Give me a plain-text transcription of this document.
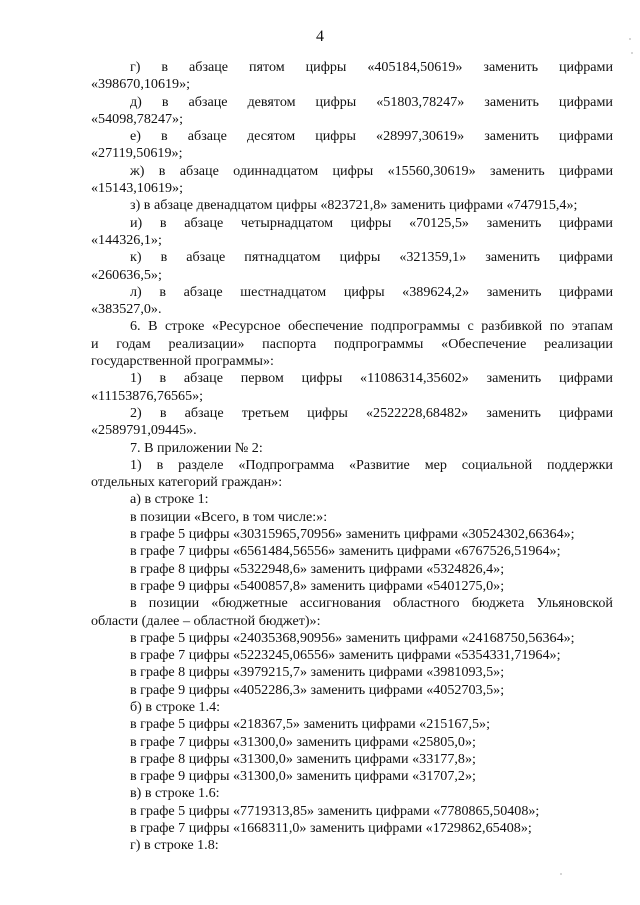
4
г) в абзаце пятом цифры «405184,50619» заменить цифрами
«398670,10619»;
д) в абзаце девятом цифры «51803,78247» заменить цифрами
«54098,78247»;
е) в абзаце десятом цифры «28997,30619» заменить цифрами
«27119,50619»;
ж) в абзаце одиннадцатом цифры «15560,30619» заменить цифрами
«15143,10619»;
з) в абзаце двенадцатом цифры «823721,8» заменить цифрами «747915,4»;
и) в абзаце четырнадцатом цифры «70125,5» заменить цифрами
«144326,1»;
к) в абзаце пятнадцатом цифры «321359,1» заменить цифрами
«260636,5»;
л) в абзаце шестнадцатом цифры «389624,2» заменить цифрами
«383527,0».
6. В строке «Ресурсное обеспечение подпрограммы с разбивкой по этапам
и годам реализации» паспорта подпрограммы «Обеспечение реализации
государственной программы»:
1) в абзаце первом цифры «11086314,35602» заменить цифрами
«11153876,76565»;
2) в абзаце третьем цифры «2522228,68482» заменить цифрами
«2589791,09445».
7. В приложении № 2:
1) в разделе «Подпрограмма «Развитие мер социальной поддержки
отдельных категорий граждан»:
а) в строке 1:
в позиции «Всего, в том числе:»:
в графе 5 цифры «30315965,70956» заменить цифрами «30524302,66364»;
в графе 7 цифры «6561484,56556» заменить цифрами «6767526,51964»;
в графе 8 цифры «5322948,6» заменить цифрами «5324826,4»;
в графе 9 цифры «5400857,8» заменить цифрами «5401275,0»;
в позиции «бюджетные ассигнования областного бюджета Ульяновской
области (далее – областной бюджет)»:
в графе 5 цифры «24035368,90956» заменить цифрами «24168750,56364»;
в графе 7 цифры «5223245,06556» заменить цифрами «5354331,71964»;
в графе 8 цифры «3979215,7» заменить цифрами «3981093,5»;
в графе 9 цифры «4052286,3» заменить цифрами «4052703,5»;
б) в строке 1.4:
в графе 5 цифры «218367,5» заменить цифрами «215167,5»;
в графе 7 цифры «31300,0» заменить цифрами «25805,0»;
в графе 8 цифры «31300,0» заменить цифрами «33177,8»;
в графе 9 цифры «31300,0» заменить цифрами «31707,2»;
в) в строке 1.6:
в графе 5 цифры «7719313,85» заменить цифрами «7780865,50408»;
в графе 7 цифры «1668311,0» заменить цифрами «1729862,65408»;
г) в строке 1.8:
